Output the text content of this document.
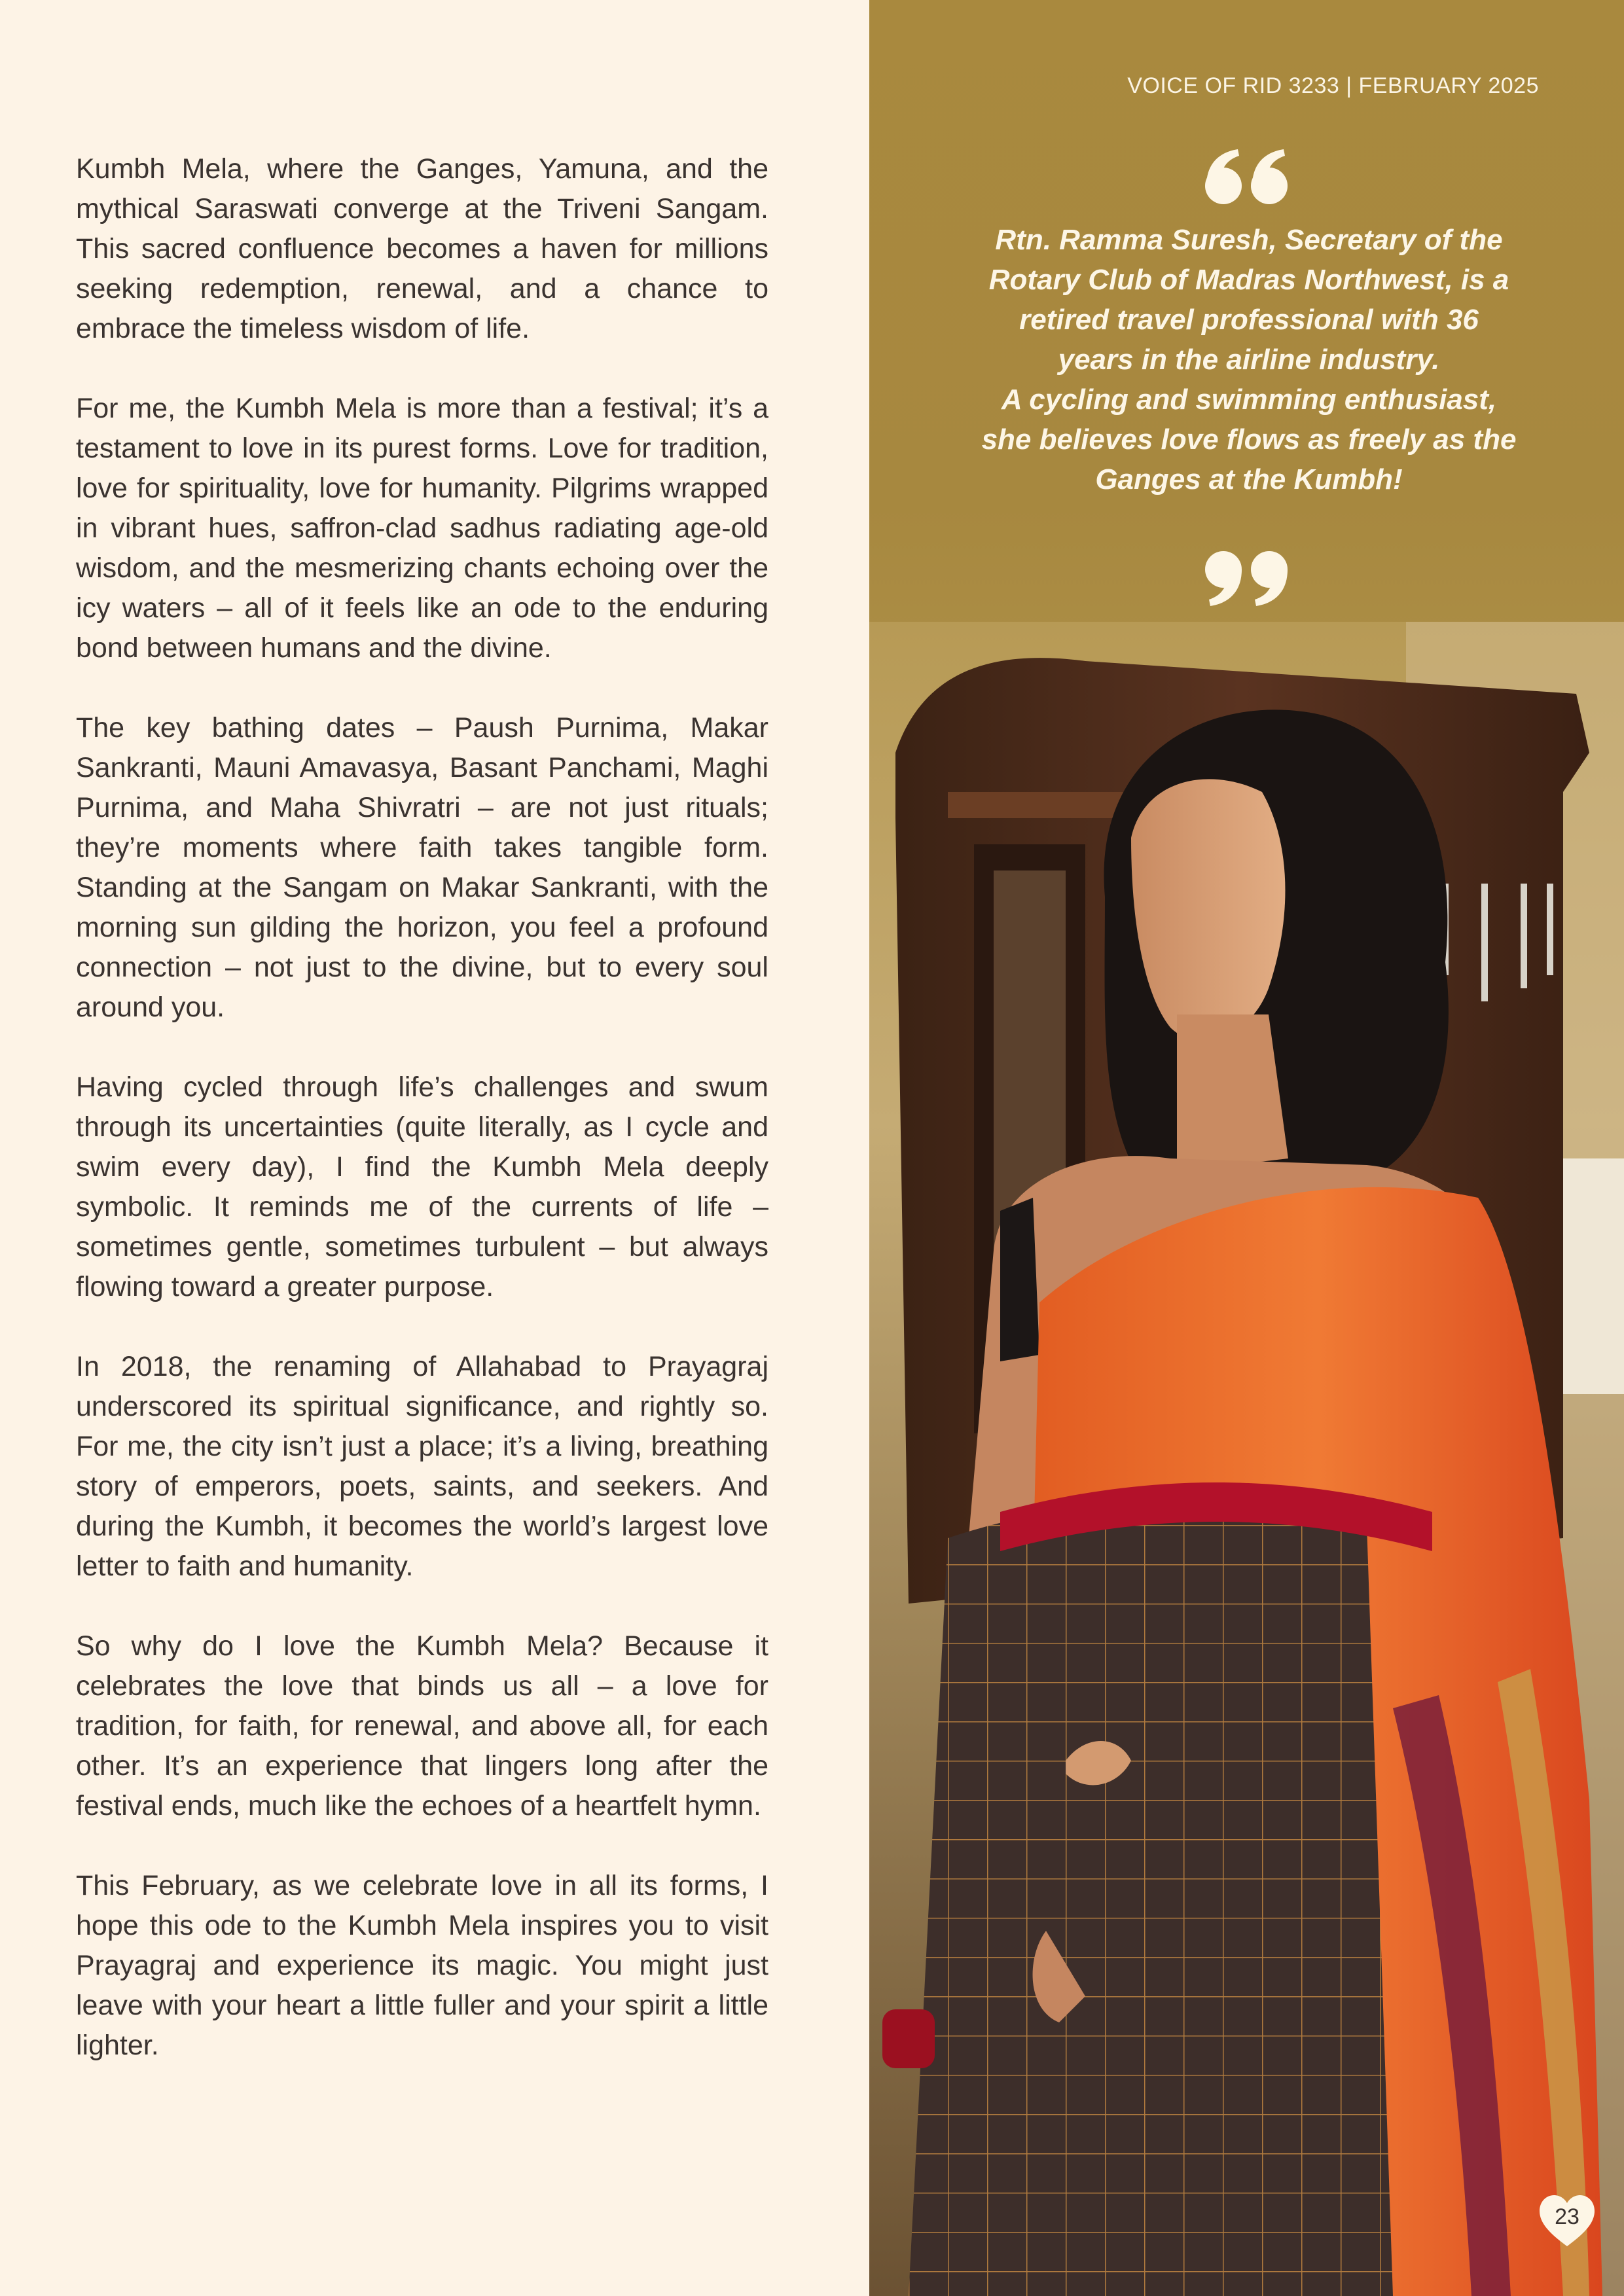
Kumbh Mela, where the Ganges, Yamuna, and the mythical Saraswati converge at the Triveni Sangam. This sacred confluence becomes a haven for millions seeking redemption, renewal, and a chance to embrace the timeless wisdom of life.

For me, the Kumbh Mela is more than a festival; it’s a testament to love in its purest forms. Love for tradition, love for spirituality, love for humanity. Pilgrims wrapped in vibrant hues, saffron-clad sadhus radiating age-old wisdom, and the mesmerizing chants echoing over the icy waters – all of it feels like an ode to the enduring bond between humans and the divine.

The key bathing dates – Paush Purnima, Makar Sankranti, Mauni Amavasya, Basant Panchami, Maghi Purnima, and Maha Shivratri – are not just rituals; they’re moments where faith takes tangible form. Standing at the Sangam on Makar Sankranti, with the morning sun gilding the horizon, you feel a profound connection – not just to the divine, but to every soul around you.

Having cycled through life’s challenges and swum through its uncertainties (quite literally, as I cycle and swim every day), I find the Kumbh Mela deeply symbolic. It reminds me of the currents of life – sometimes gentle, sometimes turbulent – but always flowing toward a greater purpose.

In 2018, the renaming of Allahabad to Prayagraj underscored its spiritual significance, and rightly so. For me, the city isn’t just a place; it’s a living, breathing story of emperors, poets, saints, and seekers. And during the Kumbh, it becomes the world’s largest love letter to faith and humanity.

So why do I love the Kumbh Mela? Because it celebrates the love that binds us all – a love for tradition, for faith, for renewal, and above all, for each other. It’s an experience that lingers long after the festival ends, much like the echoes of a heartfelt hymn.

This February, as we celebrate love in all its forms, I hope this ode to the Kumbh Mela inspires you to visit Prayagraj and experience its magic. You might just leave with your heart a little fuller and your spirit a little lighter.

VOICE OF RID 3233 | FEBRUARY 2025
Rtn. Ramma Suresh, Secretary of the
Rotary Club of Madras Northwest, is a
retired travel professional with 36
years in the airline industry.
A cycling and swimming enthusiast,
she believes love flows as freely as the
Ganges at the Kumbh!
23
